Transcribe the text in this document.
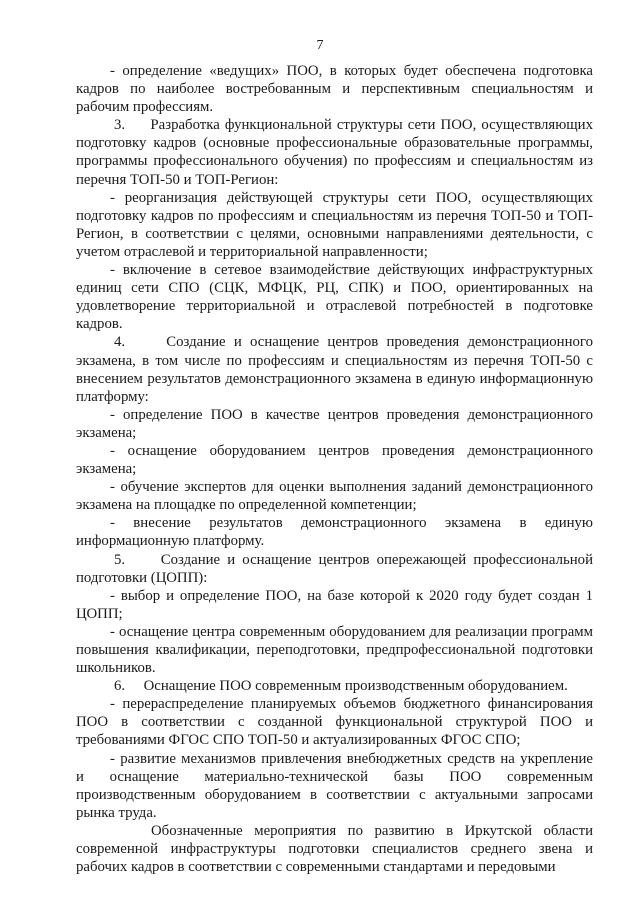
7

- определение «ведущих» ПОО, в которых будет обеспечена подготовка кадров по наиболее востребованным и перспективным специальностям и рабочим профессиям.

3.     Разработка функциональной структуры сети ПОО, осуществляющих подготовку кадров (основные профессиональные образовательные программы, программы профессионального обучения) по профессиям и специальностям из перечня ТОП-50 и ТОП-Регион:

- реорганизация действующей структуры сети ПОО, осуществляющих подготовку кадров по профессиям и специальностям из перечня ТОП-50 и ТОП-Регион, в соответствии с целями, основными направлениями деятельности, с учетом отраслевой и территориальной направленности;

- включение в сетевое взаимодействие действующих инфраструктурных единиц сети СПО (СЦК, МФЦК, РЦ, СПК) и ПОО, ориентированных на удовлетворение территориальной и отраслевой потребностей в подготовке кадров.

4.     Создание и оснащение центров проведения демонстрационного экзамена, в том числе по профессиям и специальностям из перечня ТОП-50 с внесением результатов демонстрационного экзамена в единую информационную платформу:

- определение ПОО в качестве центров проведения демонстрационного экзамена;

- оснащение оборудованием центров проведения демонстрационного экзамена;

- обучение экспертов для оценки выполнения заданий демонстрационного экзамена на площадке по определенной компетенции;

- внесение результатов демонстрационного экзамена в единую информационную платформу.

5.     Создание и оснащение центров опережающей профессиональной подготовки (ЦОПП):

- выбор и определение ПОО, на базе которой к 2020 году будет создан 1 ЦОПП;

- оснащение центра современным оборудованием для реализации программ повышения квалификации, переподготовки, предпрофессиональной подготовки школьников.

6.     Оснащение ПОО современным производственным оборудованием.

- перераспределение планируемых объемов бюджетного финансирования ПОО в соответствии с созданной функциональной структурой ПОО и требованиями ФГОС СПО ТОП-50 и актуализированных ФГОС СПО;

- развитие механизмов привлечения внебюджетных средств на укрепление и оснащение материально-технической базы ПОО современным производственным оборудованием в соответствии с актуальными запросами рынка труда.

Обозначенные мероприятия по развитию в Иркутской области современной инфраструктуры подготовки специалистов среднего звена и рабочих кадров в соответствии с современными стандартами и передовыми
